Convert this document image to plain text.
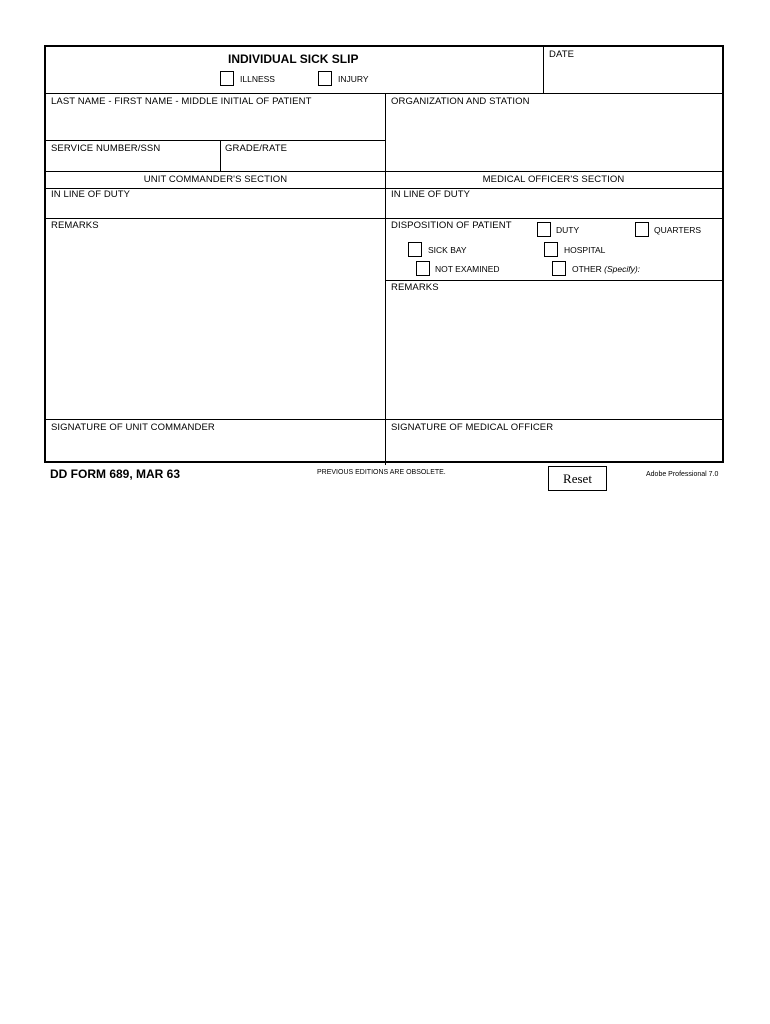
INDIVIDUAL SICK SLIP	DATE
ILLNESS	INJURY
LAST NAME - FIRST NAME - MIDDLE INITIAL OF PATIENT	ORGANIZATION AND STATION
SERVICE NUMBER/SSN	GRADE/RATE
UNIT COMMANDER'S SECTION	MEDICAL OFFICER'S SECTION
IN LINE OF DUTY	IN LINE OF DUTY
REMARKS	DISPOSITION OF PATIENT	DUTY	QUARTERS
SICK BAY	HOSPITAL
NOT EXAMINED	OTHER (Specify):
REMARKS
SIGNATURE OF UNIT COMMANDER	SIGNATURE OF MEDICAL OFFICER
DD FORM 689, MAR 63	PREVIOUS EDITIONS ARE OBSOLETE.	Reset	Adobe Professional 7.0
